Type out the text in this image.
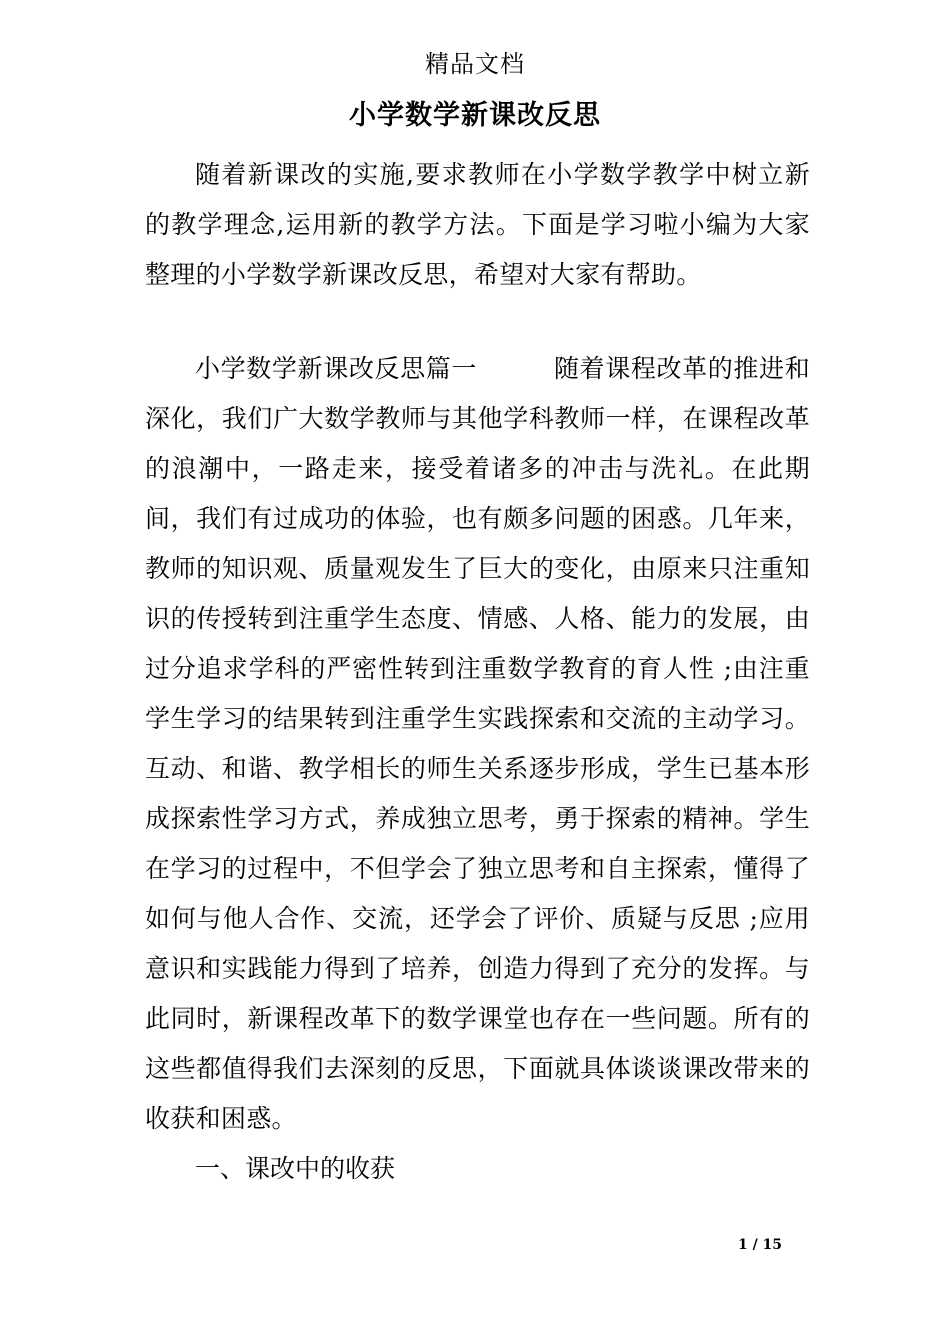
精品文档
小学数学新课改反思

随着新课改的实施,要求教师在小学数学教学中树立新的教学理念,运用新的教学方法。下面是学习啦小编为大家整理的小学数学新课改反思，希望对大家有帮助。

小学数学新课改反思篇一　　　随着课程改革的推进和深化，我们广大数学教师与其他学科教师一样，在课程改革的浪潮中，一路走来，接受着诸多的冲击与洗礼。在此期间，我们有过成功的体验，也有颇多问题的困惑。几年来，教师的知识观、质量观发生了巨大的变化，由原来只注重知识的传授转到注重学生态度、情感、人格、能力的发展，由过分追求学科的严密性转到注重数学教育的育人性 ;由注重学生学习的结果转到注重学生实践探索和交流的主动学习。互动、和谐、教学相长的师生关系逐步形成，学生已基本形成探索性学习方式，养成独立思考，勇于探索的精神。学生在学习的过程中，不但学会了独立思考和自主探索，懂得了如何与他人合作、交流，还学会了评价、质疑与反思 ;应用意识和实践能力得到了培养，创造力得到了充分的发挥。与此同时，新课程改革下的数学课堂也存在一些问题。所有的这些都值得我们去深刻的反思，下面就具体谈谈课改带来的收获和困惑。

一、课改中的收获

1 / 15
